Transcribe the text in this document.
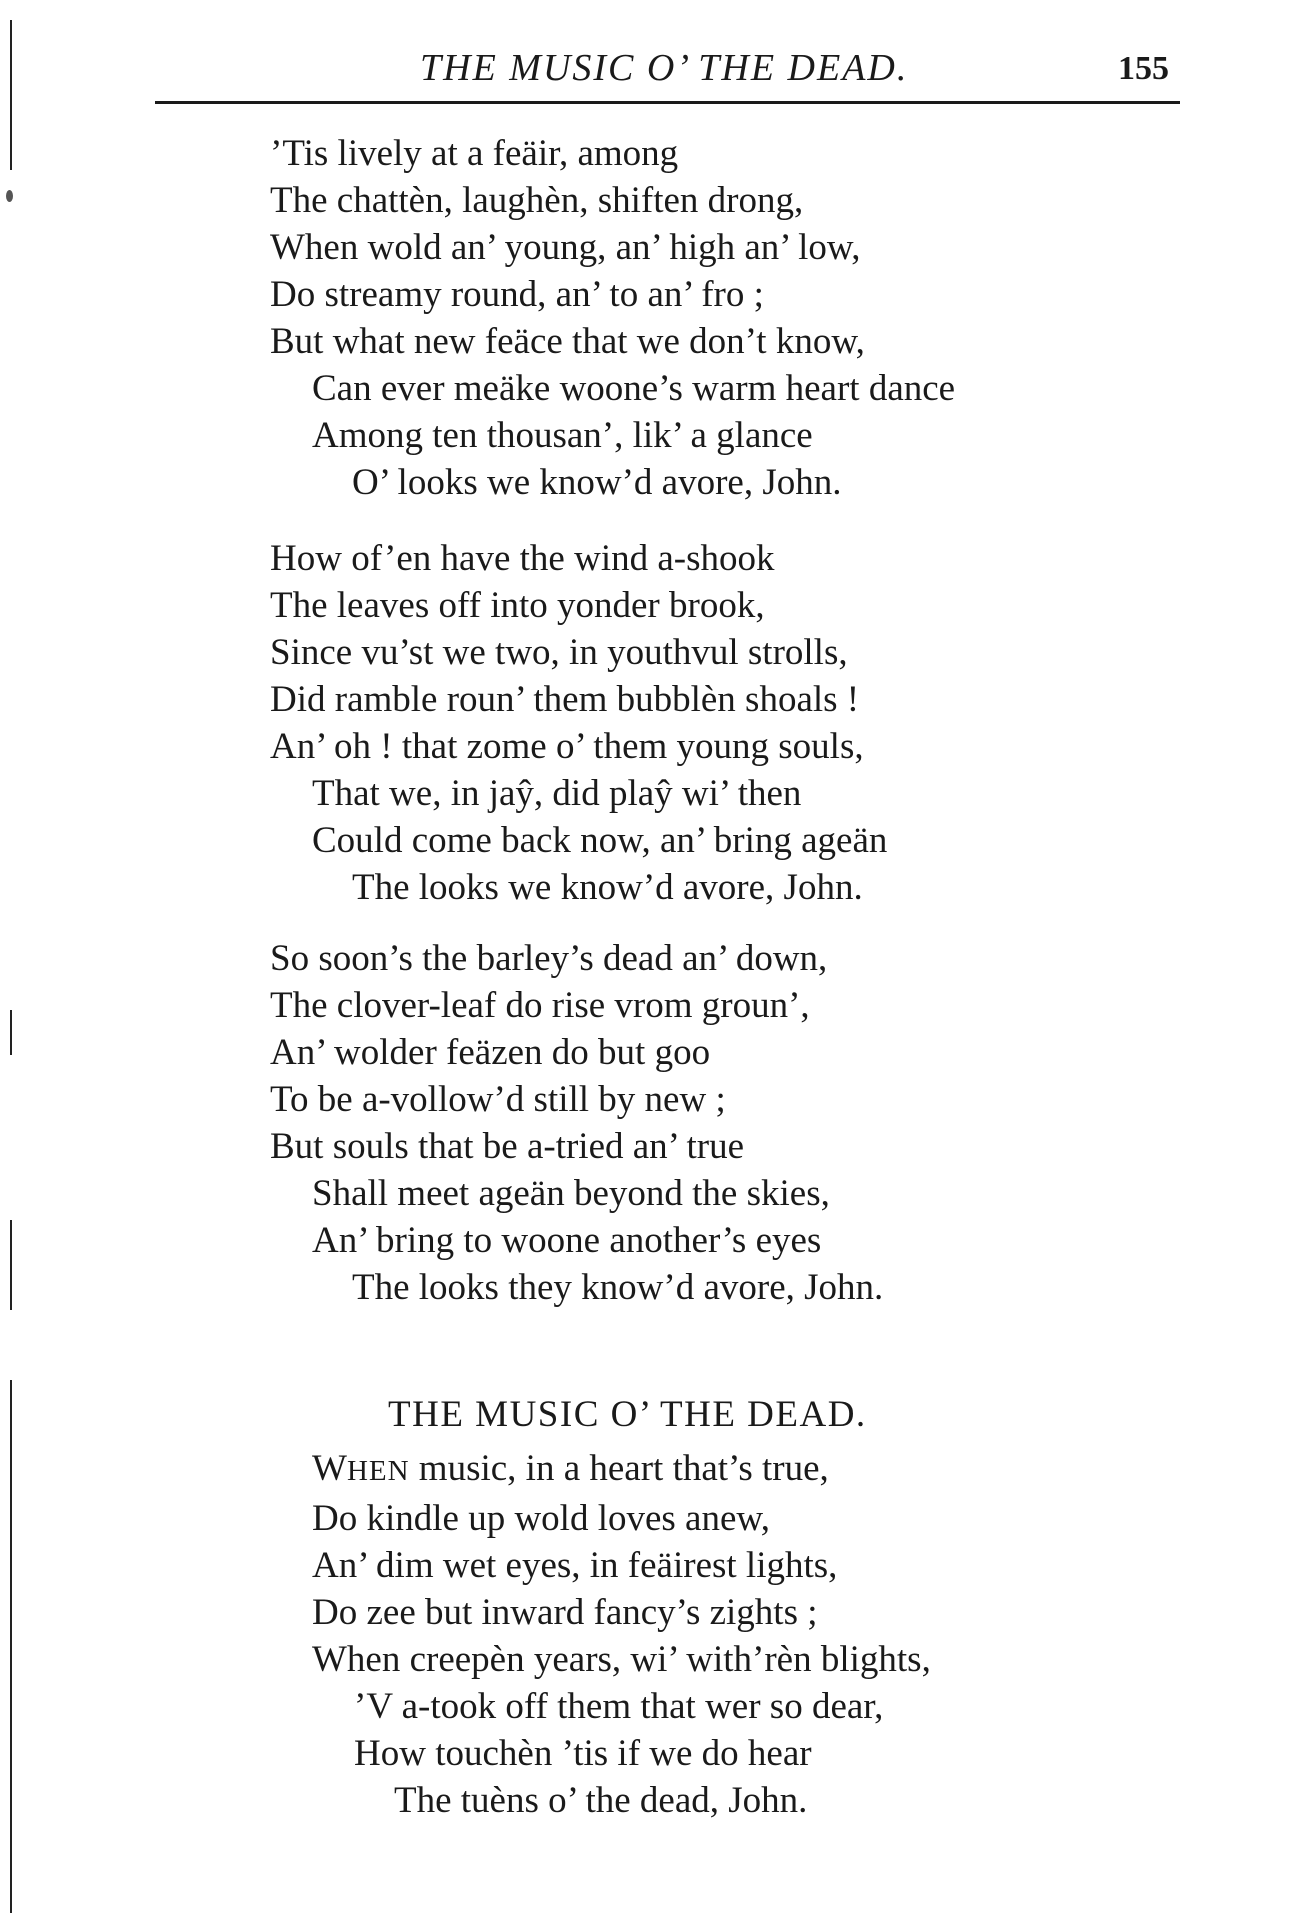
THE MUSIC O’ THE DEAD.	155
’Tis lively at a feäir, among
The chattèn, laughèn, shiften drong,
When wold an’ young, an’ high an’ low,
Do streamy round, an’ to an’ fro ;
But what new feäce that we don’t know,
Can ever meäke woone’s warm heart dance
Among ten thousan’, lik’ a glance
O’ looks we know’d avore, John.
How of’en have the wind a-shook
The leaves off into yonder brook,
Since vu’st we two, in youthvul strolls,
Did ramble roun’ them bubblèn shoals !
An’ oh ! that zome o’ them young souls,
That we, in jaŷ, did plaŷ wi’ then
Could come back now, an’ bring ageän
The looks we know’d avore, John.
So soon’s the barley’s dead an’ down,
The clover-leaf do rise vrom groun’,
An’ wolder feäzen do but goo
To be a-vollow’d still by new ;
But souls that be a-tried an’ true
Shall meet ageän beyond the skies,
An’ bring to woone another’s eyes
The looks they know’d avore, John.
THE MUSIC O’ THE DEAD.
WHEN music, in a heart that’s true,
Do kindle up wold loves anew,
An’ dim wet eyes, in feäirest lights,
Do zee but inward fancy’s zights ;
When creepèn years, wi’ with’rèn blights,
’V a-took off them that wer so dear,
How touchèn ’tis if we do hear
The tuèns o’ the dead, John.
